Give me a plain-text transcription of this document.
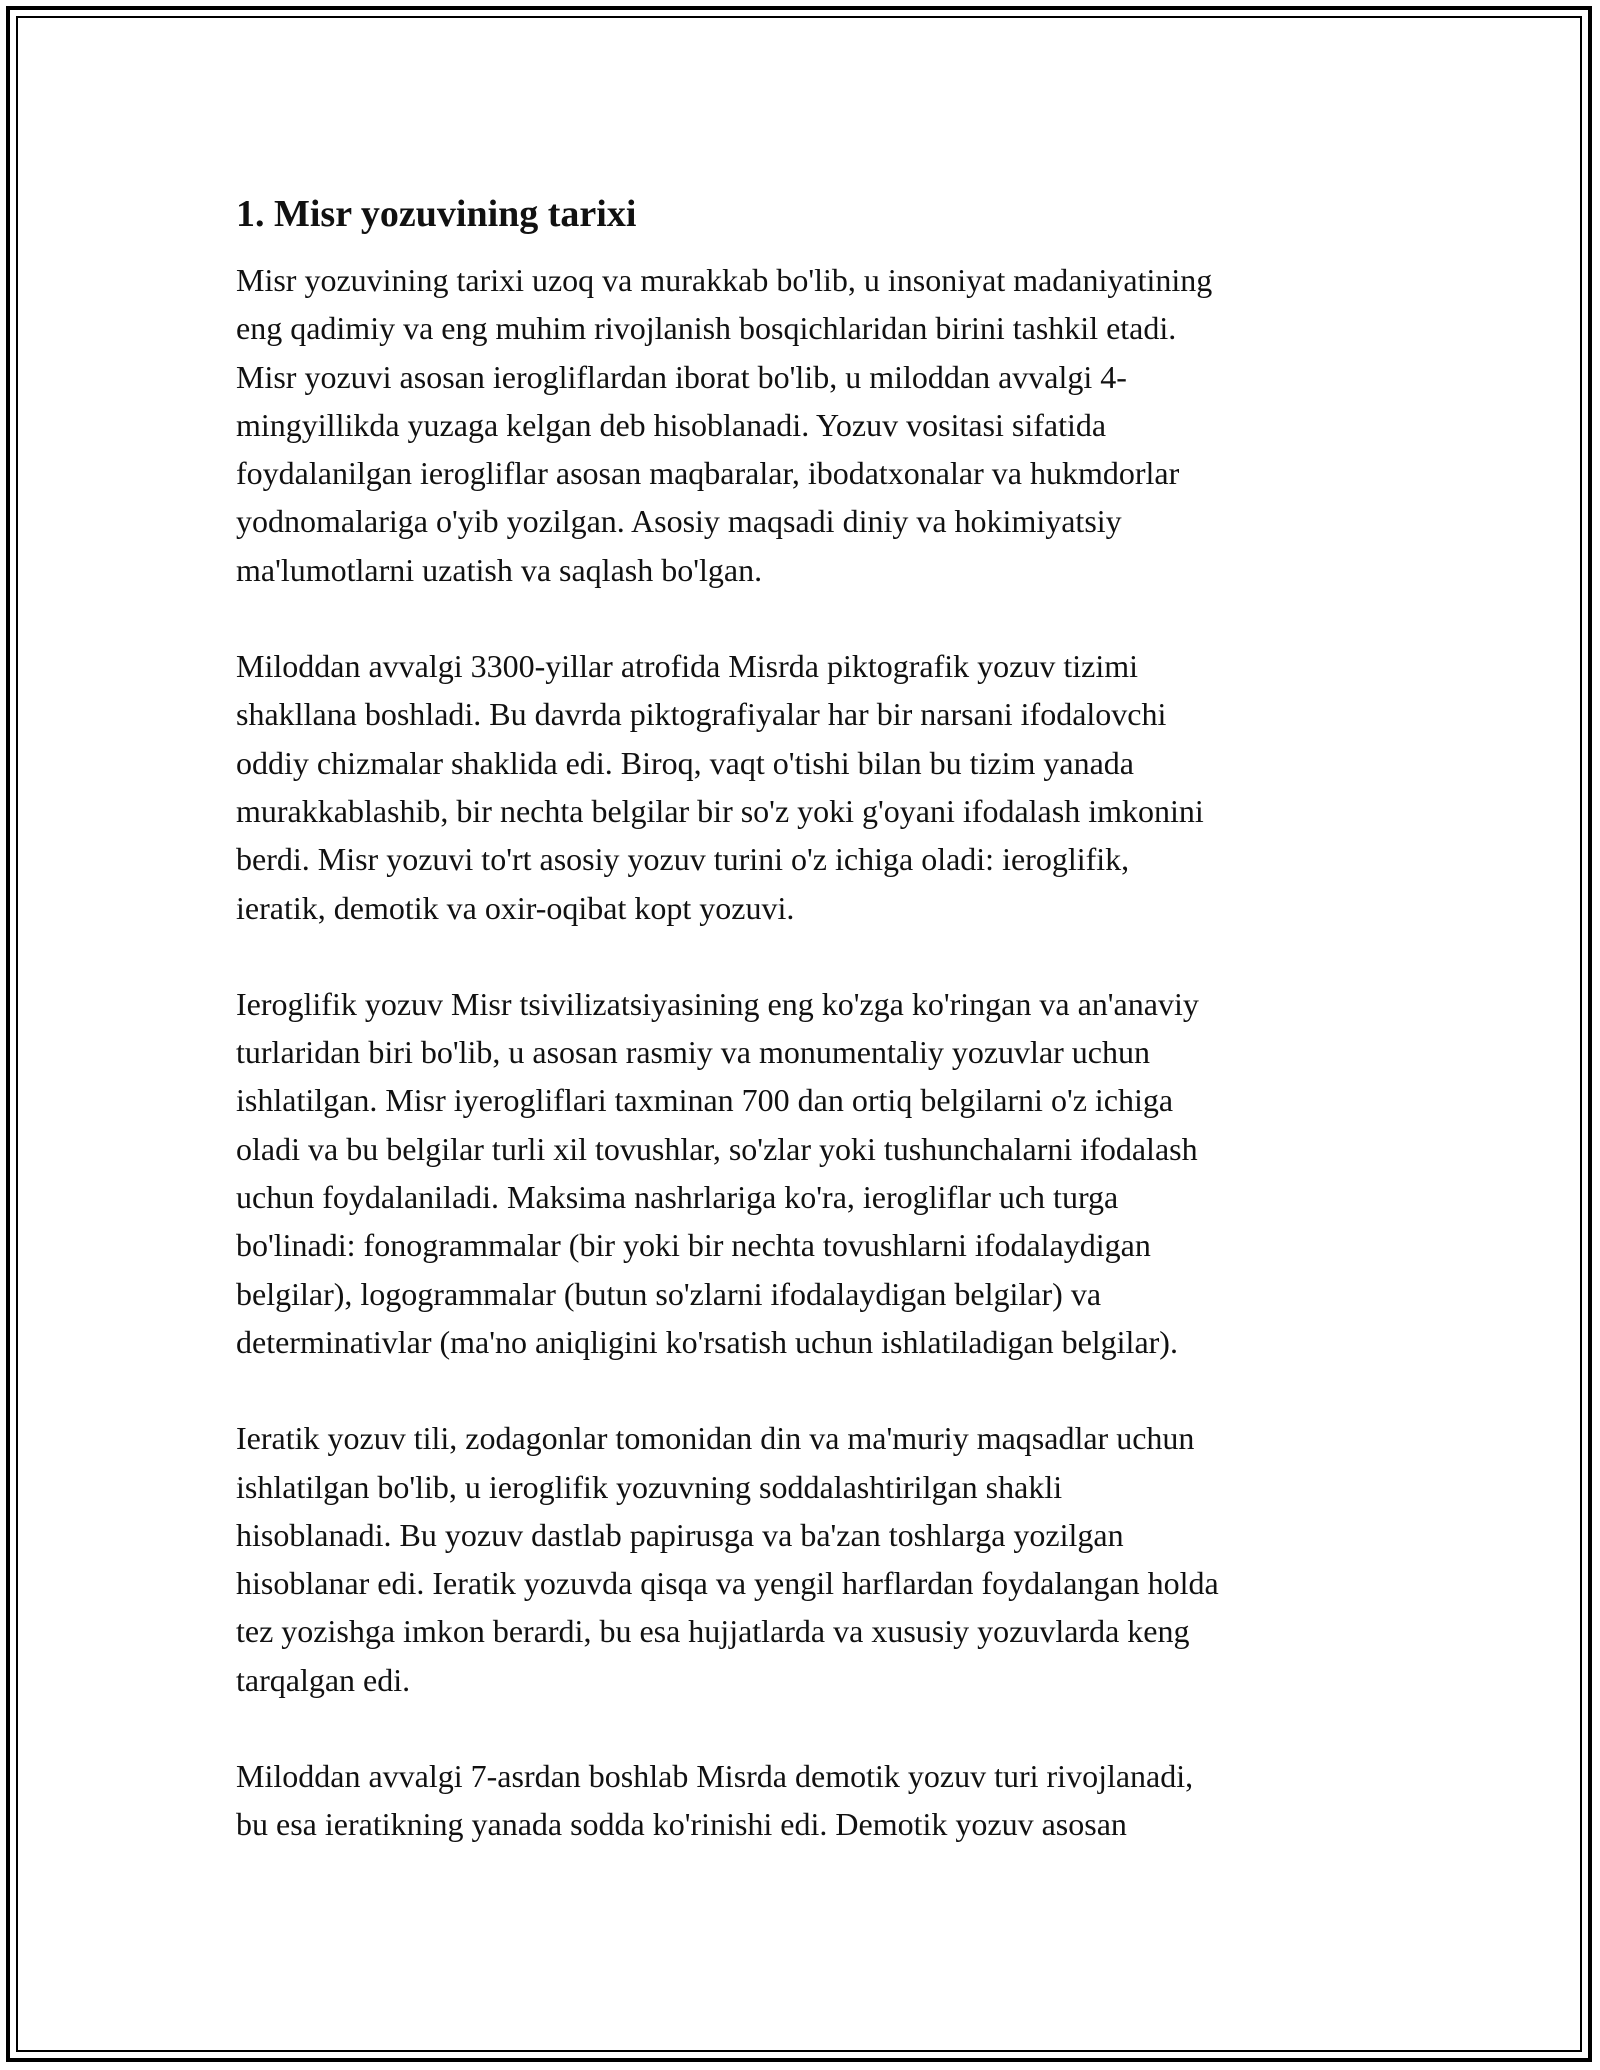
1. Misr yozuvining tarixi

Misr yozuvining tarixi uzoq va murakkab bo'lib, u insoniyat madaniyatining
eng qadimiy va eng muhim rivojlanish bosqichlaridan birini tashkil etadi.
Misr yozuvi asosan ierogliflardan iborat bo'lib, u miloddan avvalgi 4-
mingyillikda yuzaga kelgan deb hisoblanadi. Yozuv vositasi sifatida
foydalanilgan ierogliflar asosan maqbaralar, ibodatxonalar va hukmdorlar
yodnomalariga o'yib yozilgan. Asosiy maqsadi diniy va hokimiyatsiy
ma'lumotlarni uzatish va saqlash bo'lgan.

Miloddan avvalgi 3300-yillar atrofida Misrda piktografik yozuv tizimi
shakllana boshladi. Bu davrda piktografiyalar har bir narsani ifodalovchi
oddiy chizmalar shaklida edi. Biroq, vaqt o'tishi bilan bu tizim yanada
murakkablashib, bir nechta belgilar bir so'z yoki g'oyani ifodalash imkonini
berdi. Misr yozuvi to'rt asosiy yozuv turini o'z ichiga oladi: ieroglifik,
ieratik, demotik va oxir-oqibat kopt yozuvi.

Ieroglifik yozuv Misr tsivilizatsiyasining eng ko'zga ko'ringan va an'anaviy
turlaridan biri bo'lib, u asosan rasmiy va monumentaliy yozuvlar uchun
ishlatilgan. Misr iyerogliflari taxminan 700 dan ortiq belgilarni o'z ichiga
oladi va bu belgilar turli xil tovushlar, so'zlar yoki tushunchalarni ifodalash
uchun foydalaniladi. Maksima nashrlariga ko'ra, ierogliflar uch turga
bo'linadi: fonogrammalar (bir yoki bir nechta tovushlarni ifodalaydigan
belgilar), logogrammalar (butun so'zlarni ifodalaydigan belgilar) va
determinativlar (ma'no aniqligini ko'rsatish uchun ishlatiladigan belgilar).

Ieratik yozuv tili, zodagonlar tomonidan din va ma'muriy maqsadlar uchun
ishlatilgan bo'lib, u ieroglifik yozuvning soddalashtirilgan shakli
hisoblanadi. Bu yozuv dastlab papirusga va ba'zan toshlarga yozilgan
hisoblanar edi. Ieratik yozuvda qisqa va yengil harflardan foydalangan holda
tez yozishga imkon berardi, bu esa hujjatlarda va xususiy yozuvlarda keng
tarqalgan edi.

Miloddan avvalgi 7-asrdan boshlab Misrda demotik yozuv turi rivojlanadi,
bu esa ieratikning yanada sodda ko'rinishi edi. Demotik yozuv asosan
